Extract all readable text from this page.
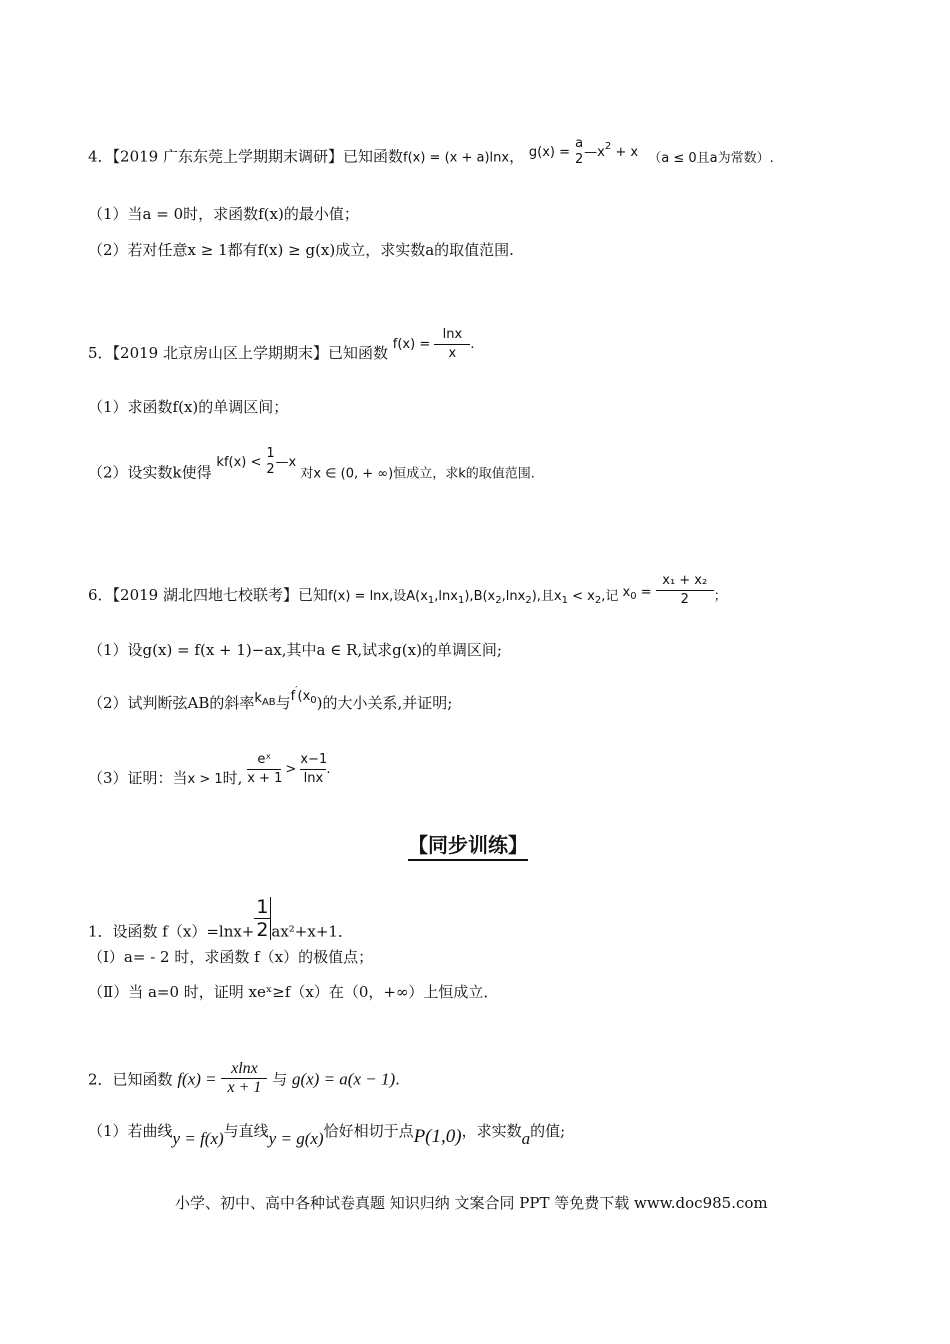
4．【2019 广东东莞上学期期末调研】已知函数f(x) = (x + a)lnx， g(x) =
a
2 $—x^2 + x$ （a ≤ 0且a为常数）.
（1）当a = 0时，求函数f(x)的最小值；
（2）若对任意x ≥ 1都有f(x) ≥ g(x)成立，求实数a的取值范围.
5．【2019 北京房山区上学期期末】已知函数 $f(x) = \frac{\ln x}{x}$ .
（1）求函数f(x)的单调区间；
（2）设实数k使得 kf(x) <
1
2 —x 对x ∈ (0, + ∞)恒成立，求k的取值范围.
6．【2019 湖北四地七校联考】已知f(x) = lnx,设$A(x_1,\ln x_1),B(x_2,\ln x_2)$,且$x_1 < x_2$,记 $x_0 = \frac{\text{x₁ + x₂}}{2}$ ；
（1）设g(x) = f(x + 1)−ax,其中a ∈ R,试求g(x)的单调区间;
（2）试判断弦AB的斜率$k_{AB}$与$f'(x_0)$的大小关系,并证明;
（3）证明：当x > 1时, $\frac{\text{eˣ}}{x + 1} > \frac{x-1}{\ln x}$ .
【同步训练】
1．设函数 $f(x)=\ln x+ \frac{1}{2} ax^2+x+1$．
（I）a= - 2 时，求函数 f（x）的极值点；
（Ⅱ）当 a=0 时，证明 xeˣ≥f（x）在（0，+∞）上恒成立．
2．已知函数 $f(x) = \frac{xlnx}{x + 1}$ 与 g(x) = a(x − 1).
（1）若曲线y = f(x)与直线y = g(x)恰好相切于点P(1,0)，求实数a的值;
小学、初中、高中各种试卷真题 知识归纳 文案合同 PPT 等免费下载 www.doc985.com
